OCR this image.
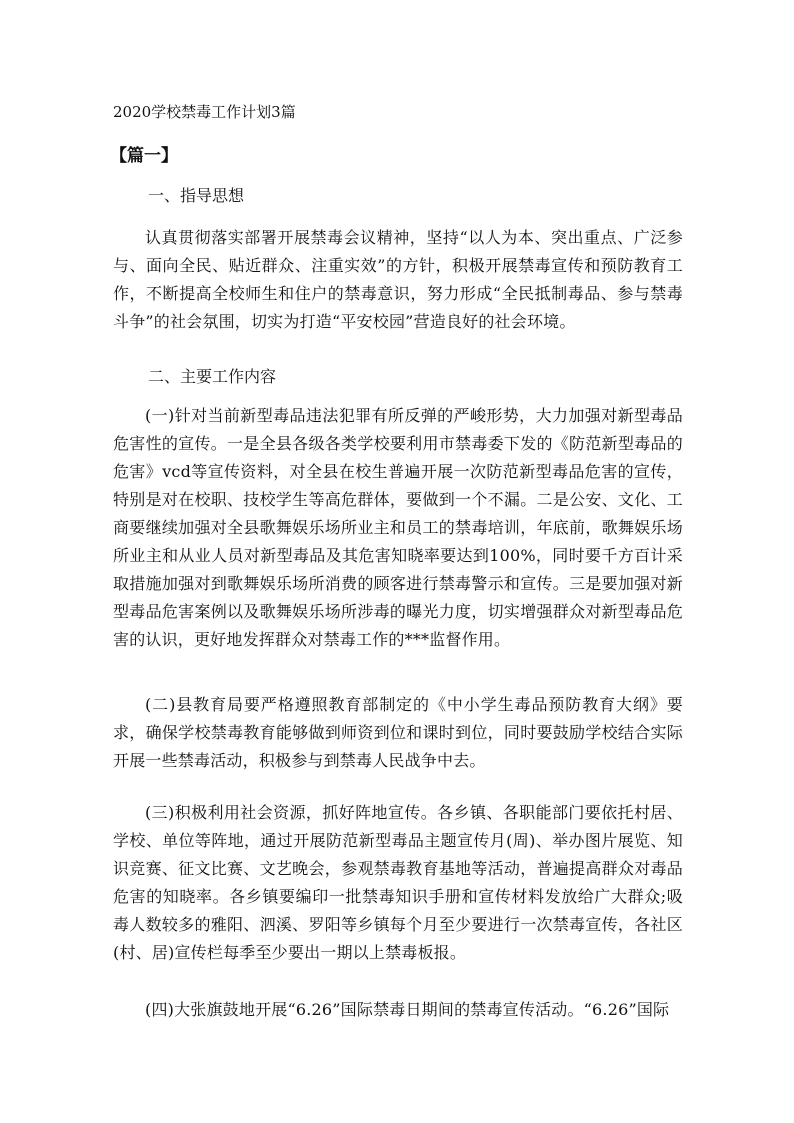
2020学校禁毒工作计划3篇

【篇一】

一、指导思想

认真贯彻落实部署开展禁毒会议精神，坚持“以人为本、突出重点、广泛参与、面向全民、贴近群众、注重实效”的方针，积极开展禁毒宣传和预防教育工作，不断提高全校师生和住户的禁毒意识，努力形成“全民抵制毒品、参与禁毒斗争”的社会氛围，切实为打造“平安校园”营造良好的社会环境。

二、主要工作内容

(一)针对当前新型毒品违法犯罪有所反弹的严峻形势，大力加强对新型毒品危害性的宣传。一是全县各级各类学校要利用市禁毒委下发的《防范新型毒品的危害》vcd等宣传资料，对全县在校生普遍开展一次防范新型毒品危害的宣传，特别是对在校职、技校学生等高危群体，要做到一个不漏。二是公安、文化、工商要继续加强对全县歌舞娱乐场所业主和员工的禁毒培训，年底前，歌舞娱乐场所业主和从业人员对新型毒品及其危害知晓率要达到100%，同时要千方百计采取措施加强对到歌舞娱乐场所消费的顾客进行禁毒警示和宣传。三是要加强对新型毒品危害案例以及歌舞娱乐场所涉毒的曝光力度，切实增强群众对新型毒品危害的认识，更好地发挥群众对禁毒工作的***监督作用。

(二)县教育局要严格遵照教育部制定的《中小学生毒品预防教育大纲》要求，确保学校禁毒教育能够做到师资到位和课时到位，同时要鼓励学校结合实际开展一些禁毒活动，积极参与到禁毒人民战争中去。

(三)积极利用社会资源，抓好阵地宣传。各乡镇、各职能部门要依托村居、学校、单位等阵地，通过开展防范新型毒品主题宣传月(周)、举办图片展览、知识竞赛、征文比赛、文艺晚会，参观禁毒教育基地等活动，普遍提高群众对毒品危害的知晓率。各乡镇要编印一批禁毒知识手册和宣传材料发放给广大群众;吸毒人数较多的雅阳、泗溪、罗阳等乡镇每个月至少要进行一次禁毒宣传，各社区(村、居)宣传栏每季至少要出一期以上禁毒板报。

(四)大张旗鼓地开展“6.26”国际禁毒日期间的禁毒宣传活动。“6.26”国际
